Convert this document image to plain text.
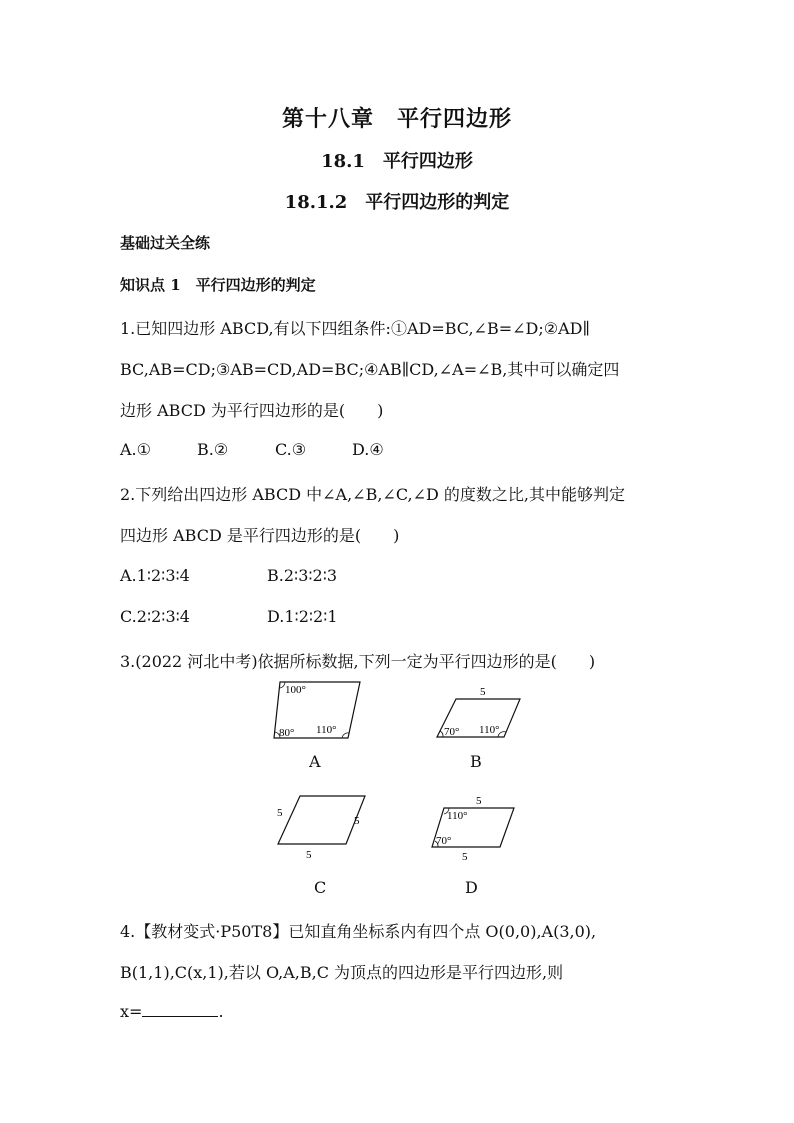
第十八章　平行四边形
18.1　平行四边形
18.1.2　平行四边形的判定
基础过关全练
知识点 1　平行四边形的判定
1.已知四边形 ABCD,有以下四组条件:①AD=BC,∠B=∠D;②AD∥
BC,AB=CD;③AB=CD,AD=BC;④AB∥CD,∠A=∠B,其中可以确定四
边形 ABCD 为平行四边形的是(　　)
A.①	B.②	C.③	D.④
2.下列给出四边形 ABCD 中∠A,∠B,∠C,∠D 的度数之比,其中能够判定
四边形 ABCD 是平行四边形的是(　　)
A.1∶2∶3∶4	B.2∶3∶2∶3
C.2∶2∶3∶4	D.1∶2∶2∶1
3.(2022 河北中考)依据所标数据,下列一定为平行四边形的是(　　)
100°
80° 110°
A
5
70° 110°
B
5
5
5
C
5
110°
70°
5
D
4.【教材变式·P50T8】已知直角坐标系内有四个点 O(0,0),A(3,0),
B(1,1),C(x,1),若以 O,A,B,C 为顶点的四边形是平行四边形,则
x=	.
